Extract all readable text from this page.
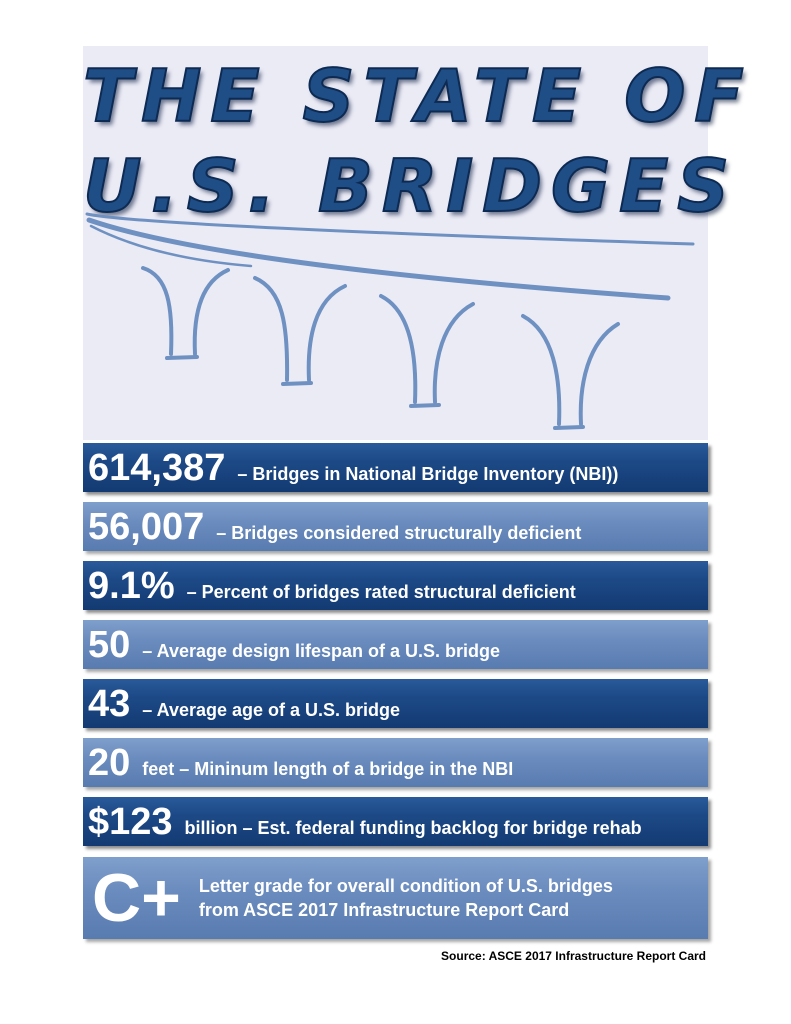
THE STATE OF
U.S. BRIDGES
614,387 – Bridges in National Bridge Inventory (NBI))
56,007 – Bridges considered structurally deficient
9.1% – Percent of bridges rated structural deficient
50 – Average design lifespan of a U.S. bridge
43 – Average age of a U.S. bridge
20 feet – Mininum length of a bridge in the NBI
$123 billion – Est. federal funding backlog for bridge rehab
C+ Letter grade for overall condition of U.S. bridges
from ASCE 2017 Infrastructure Report Card
Source: ASCE 2017 Infrastructure Report Card
